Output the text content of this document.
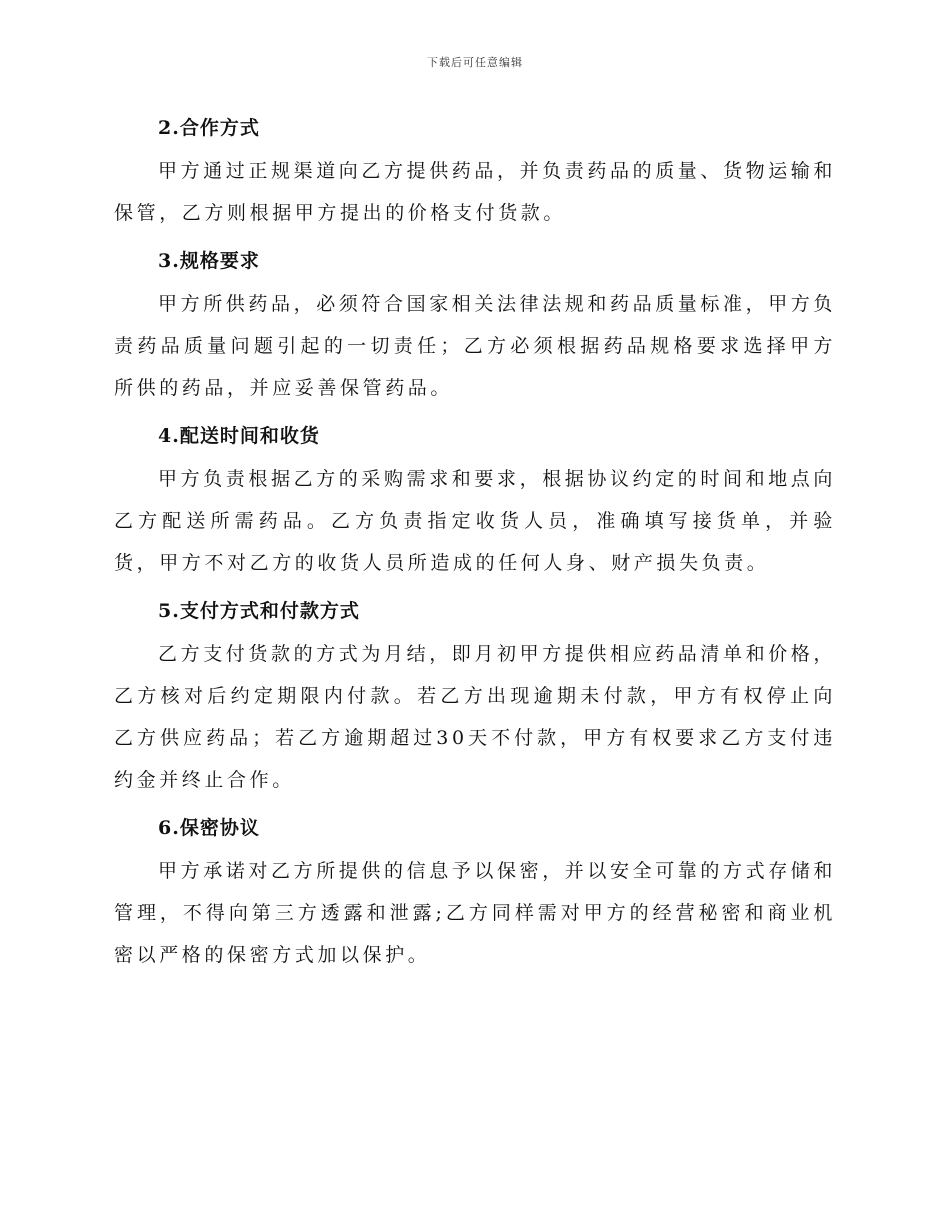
下载后可任意编辑
2.合作方式

甲方通过正规渠道向乙方提供药品，并负责药品的质量、货物运输和保管，乙方则根据甲方提出的价格支付货款。

3.规格要求

甲方所供药品，必须符合国家相关法律法规和药品质量标准，甲方负责药品质量问题引起的一切责任；乙方必须根据药品规格要求选择甲方所供的药品，并应妥善保管药品。

4.配送时间和收货

甲方负责根据乙方的采购需求和要求，根据协议约定的时间和地点向乙方配送所需药品。乙方负责指定收货人员，准确填写接货单，并验货，甲方不对乙方的收货人员所造成的任何人身、财产损失负责。

5.支付方式和付款方式

乙方支付货款的方式为月结，即月初甲方提供相应药品清单和价格，乙方核对后约定期限内付款。若乙方出现逾期未付款，甲方有权停止向乙方供应药品；若乙方逾期超过30天不付款，甲方有权要求乙方支付违约金并终止合作。

6.保密协议

甲方承诺对乙方所提供的信息予以保密，并以安全可靠的方式存储和管理，不得向第三方透露和泄露;乙方同样需对甲方的经营秘密和商业机密以严格的保密方式加以保护。
